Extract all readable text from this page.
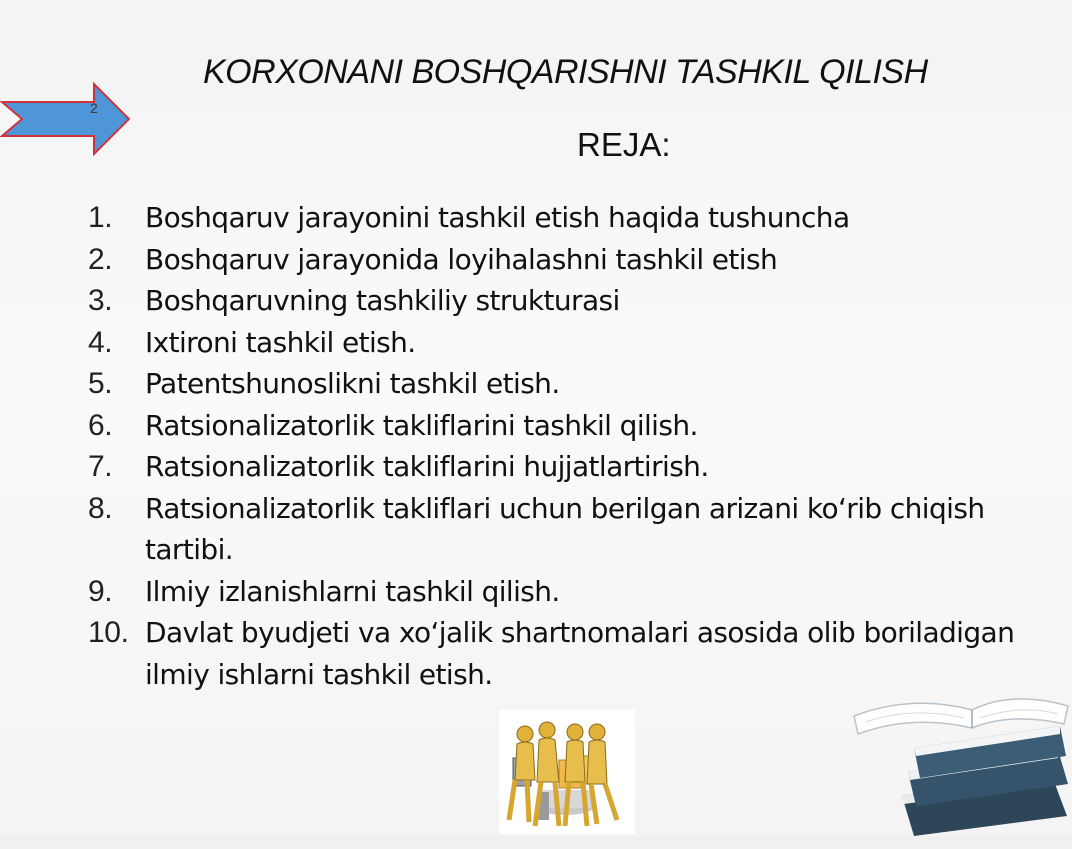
2
KORXONANI BOSHQARISHNI TASHKIL QILISH
REJA:
1.	Boshqaruv jarayonini tashkil etish haqida tushuncha
2.	Boshqaruv jarayonida loyihalashni tashkil etish
3.	Boshqaruvning tashkiliy strukturasi
4.	Ixtironi tashkil etish.
5.	Patentshunoslikni tashkil etish.
6.	Ratsionalizatorlik takliflarini tashkil qilish.
7.	Ratsionalizatorlik takliflarini hujjatlartirish.
8.	Ratsionalizatorlik takliflari uchun berilgan arizani ko‘rib chiqish tartibi.
9.	Ilmiy izlanishlarni tashkil qilish.
10. Davlat byudjeti va xo‘jalik shartnomalari asosida olib boriladigan ilmiy ishlarni tashkil etish.
